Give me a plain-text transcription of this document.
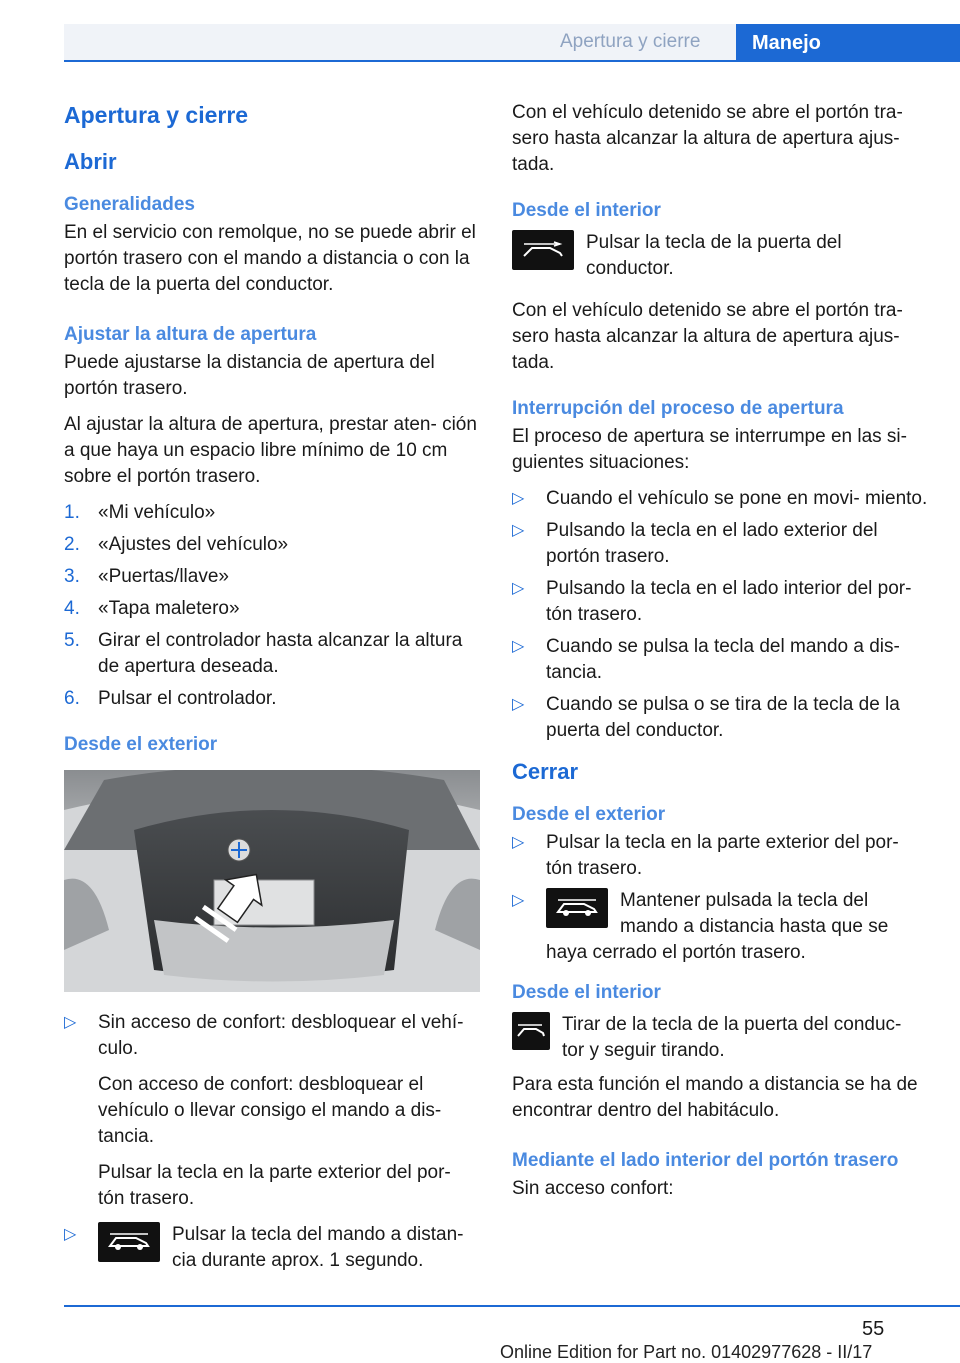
Apertura y cierre	Manejo
Apertura y cierre
Abrir
Generalidades

En el servicio con remolque, no se puede abrir el portón trasero con el mando a distancia o con la tecla de la puerta del conductor.

Ajustar la altura de apertura

Puede ajustarse la distancia de apertura del portón trasero.

Al ajustar la altura de apertura, prestar aten‐ ción a que haya un espacio libre mínimo de 10 cm sobre el portón trasero.

1. «Mi vehículo»
2. «Ajustes del vehículo»
3. «Puertas/llave»
4. «Tapa maletero»
5. Girar el controlador hasta alcanzar la altura de apertura deseada.
6. Pulsar el controlador.
Desde el exterior
▷ Sin acceso de confort: desbloquear el vehí‐ culo.

Con acceso de confort: desbloquear el vehículo o llevar consigo el mando a dis‐ tancia.

Pulsar la tecla en la parte exterior del por‐ tón trasero.

▷	Pulsar la tecla del mando a distan‐ cia durante aprox. 1 segundo.

Con el vehículo detenido se abre el portón tra‐ sero hasta alcanzar la altura de apertura ajus‐ tada.

Desde el interior
Pulsar la tecla de la puerta del conductor.

Con el vehículo detenido se abre el portón tra‐ sero hasta alcanzar la altura de apertura ajus‐ tada.

Interrupción del proceso de apertura

El proceso de apertura se interrumpe en las si‐ guientes situaciones:

▷ Cuando el vehículo se pone en movi‐ miento.
▷ Pulsando la tecla en el lado exterior del portón trasero.
▷ Pulsando la tecla en el lado interior del por‐ tón trasero.
▷ Cuando se pulsa la tecla del mando a dis‐ tancia.
▷ Cuando se pulsa o se tira de la tecla de la puerta del conductor.
Cerrar
Desde el exterior
▷ Pulsar la tecla en la parte exterior del por‐ tón trasero.
▷	Mantener pulsada la tecla del mando a distancia hasta que se
haya cerrado el portón trasero.
Desde el interior
Tirar de la tecla de la puerta del conduc‐ tor y seguir tirando.

Para esta función el mando a distancia se ha de encontrar dentro del habitáculo.

Mediante el lado interior del portón trasero

Sin acceso confort:

55
Online Edition for Part no. 01402977628 - II/17
